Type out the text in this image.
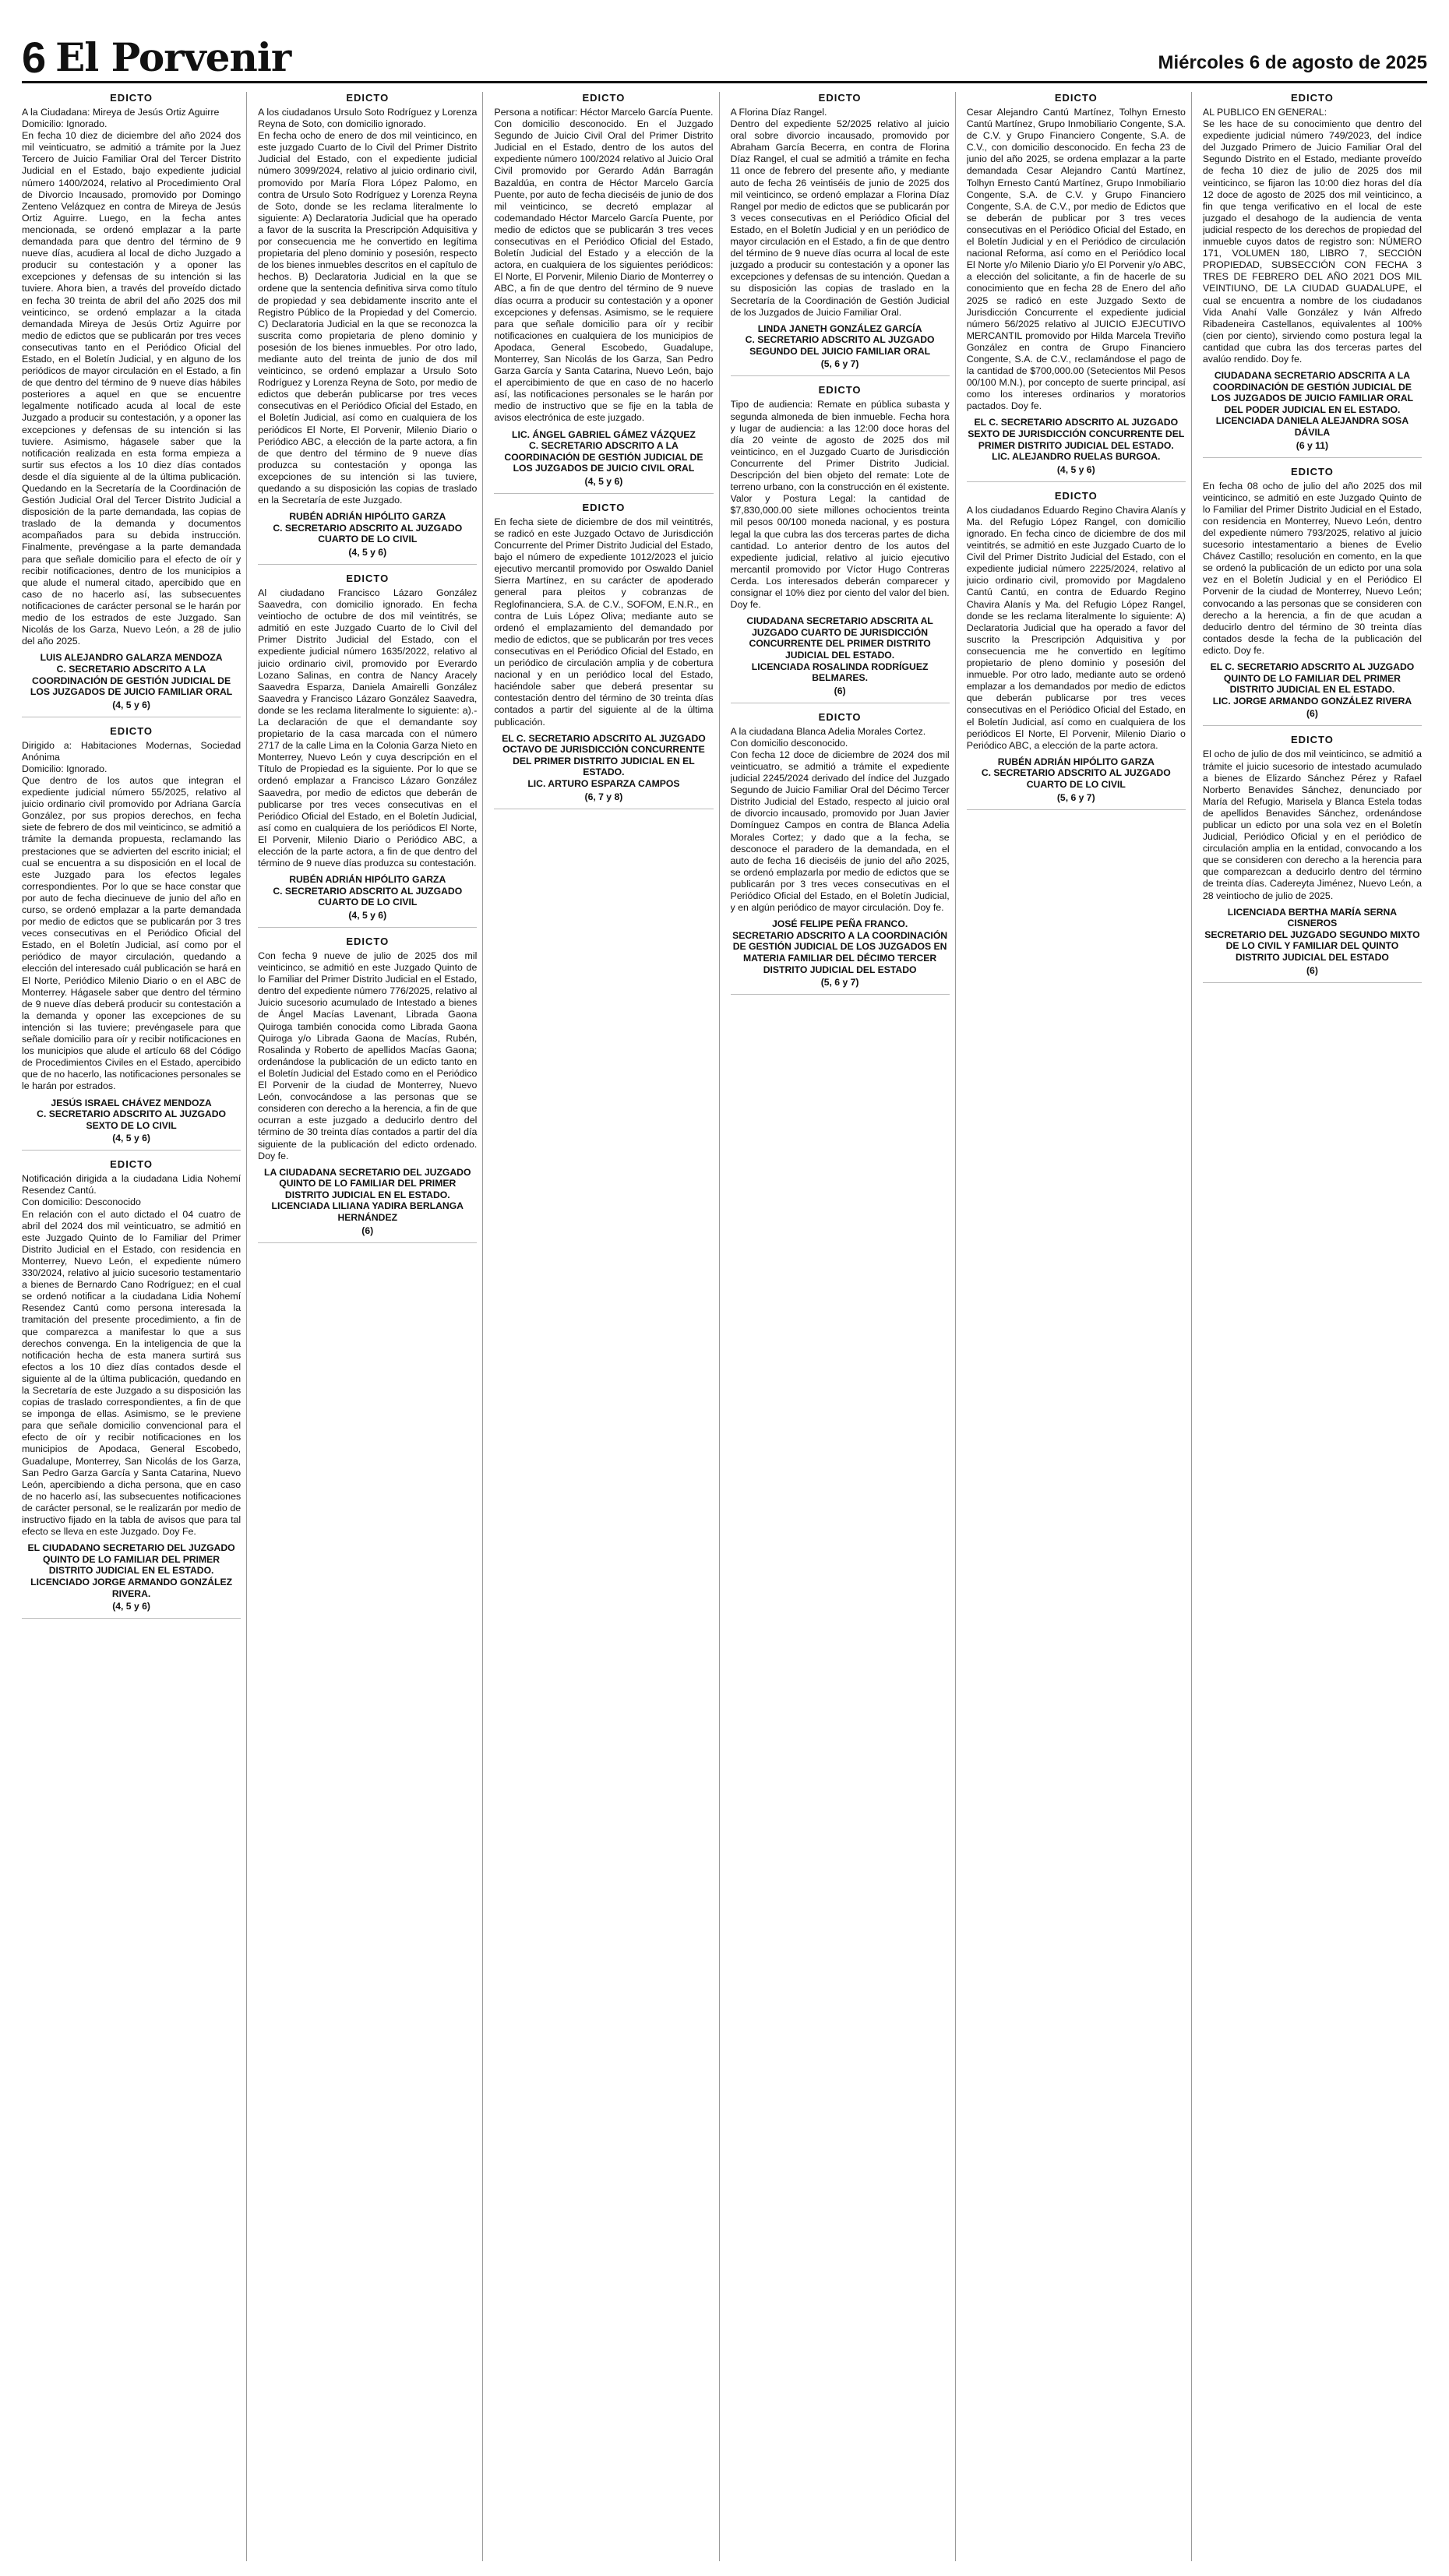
6 El Porvenir	Miércoles 6 de agosto de 2025

EDICTO

A la Ciudadana: Mireya de Jesús Ortiz Aguirre
Domicilio: Ignorado.
En fecha 10 diez de diciembre del año 2024 dos mil veinticuatro, se admitió a trámite por la Juez Tercero de Juicio Familiar Oral del Tercer Distrito Judicial en el Estado, bajo expediente judicial número 1400/2024, relativo al Procedimiento Oral de Divorcio Incausado, promovido por Domingo Zenteno Velázquez en contra de Mireya de Jesús Ortiz Aguirre. Luego, en la fecha antes mencionada, se ordenó emplazar a la parte demandada para que dentro del término de 9 nueve días, acudiera al local de dicho Juzgado a producir su contestación y a oponer las excepciones y defensas de su intención si las tuviere. Ahora bien, a través del proveído dictado en fecha 30 treinta de abril del año 2025 dos mil veinticinco, se ordenó emplazar a la citada demandada Mireya de Jesús Ortiz Aguirre por medio de edictos que se publicarán por tres veces consecutivas tanto en el Periódico Oficial del Estado, en el Boletín Judicial, y en alguno de los periódicos de mayor circulación en el Estado, a fin de que dentro del término de 9 nueve días hábiles posteriores a aquel en que se encuentre legalmente notificado acuda al local de este Juzgado a producir su contestación, y a oponer las excepciones y defensas de su intención si las tuviere. Asimismo, hágasele saber que la notificación realizada en esta forma empieza a surtir sus efectos a los 10 diez días contados desde el día siguiente al de la última publicación. Quedando en la Secretaría de la Coordinación de Gestión Judicial Oral del Tercer Distrito Judicial a disposición de la parte demandada, las copias de traslado de la demanda y documentos acompañados para su debida instrucción. Finalmente, prevéngase a la parte demandada para que señale domicilio para el efecto de oír y recibir notificaciones, dentro de los municipios a que alude el numeral citado, apercibido que en caso de no hacerlo así, las subsecuentes notificaciones de carácter personal se le harán por medio de los estrados de este Juzgado. San Nicolás de los Garza, Nuevo León, a 28 de julio del año 2025.

LUIS ALEJANDRO GALARZA MENDOZA
C. SECRETARIO ADSCRITO A LA COORDINACIÓN DE GESTIÓN JUDICIAL DE LOS JUZGADOS DE JUICIO FAMILIAR ORAL

(4, 5 y 6)

EDICTO

Dirigido a: Habitaciones Modernas, Sociedad Anónima
Domicilio: Ignorado.
Que dentro de los autos que integran el expediente judicial número 55/2025, relativo al juicio ordinario civil promovido por Adriana García González, por sus propios derechos, en fecha siete de febrero de dos mil veinticinco, se admitió a trámite la demanda propuesta, reclamando las prestaciones que se advierten del escrito inicial; el cual se encuentra a su disposición en el local de este Juzgado para los efectos legales correspondientes. Por lo que se hace constar que por auto de fecha diecinueve de junio del año en curso, se ordenó emplazar a la parte demandada por medio de edictos que se publicarán por 3 tres veces consecutivas en el Periódico Oficial del Estado, en el Boletín Judicial, así como por el periódico de mayor circulación, quedando a elección del interesado cuál publicación se hará en El Norte, Periódico Milenio Diario o en el ABC de Monterrey. Hágasele saber que dentro del término de 9 nueve días deberá producir su contestación a la demanda y oponer las excepciones de su intención si las tuviere; prevéngasele para que señale domicilio para oír y recibir notificaciones en los municipios que alude el artículo 68 del Código de Procedimientos Civiles en el Estado, apercibido que de no hacerlo, las notificaciones personales se le harán por estrados.

JESÚS ISRAEL CHÁVEZ MENDOZA
C. SECRETARIO ADSCRITO AL JUZGADO SEXTO DE LO CIVIL

(4, 5 y 6)

EDICTO

Notificación dirigida a la ciudadana Lidia Nohemí Resendez Cantú.
Con domicilio: Desconocido
En relación con el auto dictado el 04 cuatro de abril del 2024 dos mil veinticuatro, se admitió en este Juzgado Quinto de lo Familiar del Primer Distrito Judicial en el Estado, con residencia en Monterrey, Nuevo León, el expediente número 330/2024, relativo al juicio sucesorio testamentario a bienes de Bernardo Cano Rodríguez; en el cual se ordenó notificar a la ciudadana Lidia Nohemí Resendez Cantú como persona interesada la tramitación del presente procedimiento, a fin de que comparezca a manifestar lo que a sus derechos convenga. En la inteligencia de que la notificación hecha de esta manera surtirá sus efectos a los 10 diez días contados desde el siguiente al de la última publicación, quedando en la Secretaría de este Juzgado a su disposición las copias de traslado correspondientes, a fin de que se imponga de ellas. Asimismo, se le previene para que señale domicilio convencional para el efecto de oír y recibir notificaciones en los municipios de Apodaca, General Escobedo, Guadalupe, Monterrey, San Nicolás de los Garza, San Pedro Garza García y Santa Catarina, Nuevo León, apercibiendo a dicha persona, que en caso de no hacerlo así, las subsecuentes notificaciones de carácter personal, se le realizarán por medio de instructivo fijado en la tabla de avisos que para tal efecto se lleva en este Juzgado. Doy Fe.

EL CIUDADANO SECRETARIO DEL JUZGADO QUINTO DE LO FAMILIAR DEL PRIMER DISTRITO JUDICIAL EN EL ESTADO.
LICENCIADO JORGE ARMANDO GONZÁLEZ RIVERA.

(4, 5 y 6)

EDICTO

A los ciudadanos Ursulo Soto Rodríguez y Lorenza Reyna de Soto, con domicilio ignorado.
En fecha ocho de enero de dos mil veinticinco, en este juzgado Cuarto de lo Civil del Primer Distrito Judicial del Estado, con el expediente judicial número 3099/2024, relativo al juicio ordinario civil, promovido por María Flora López Palomo, en contra de Ursulo Soto Rodríguez y Lorenza Reyna de Soto, donde se les reclama literalmente lo siguiente: A) Declaratoria Judicial que ha operado a favor de la suscrita la Prescripción Adquisitiva y por consecuencia me he convertido en legítima propietaria del pleno dominio y posesión, respecto de los bienes inmuebles descritos en el capítulo de hechos. B) Declaratoria Judicial en la que se ordene que la sentencia definitiva sirva como título de propiedad y sea debidamente inscrito ante el Registro Público de la Propiedad y del Comercio. C) Declaratoria Judicial en la que se reconozca la suscrita como propietaria de pleno dominio y posesión de los bienes inmuebles. Por otro lado, mediante auto del treinta de junio de dos mil veinticinco, se ordenó emplazar a Ursulo Soto Rodríguez y Lorenza Reyna de Soto, por medio de edictos que deberán publicarse por tres veces consecutivas en el Periódico Oficial del Estado, en el Boletín Judicial, así como en cualquiera de los periódicos El Norte, El Porvenir, Milenio Diario o Periódico ABC, a elección de la parte actora, a fin de que dentro del término de 9 nueve días produzca su contestación y oponga las excepciones de su intención si las tuviere, quedando a su disposición las copias de traslado en la Secretaría de este Juzgado.

RUBÉN ADRIÁN HIPÓLITO GARZA
C. SECRETARIO ADSCRITO AL JUZGADO CUARTO DE LO CIVIL

(4, 5 y 6)

EDICTO

Al ciudadano Francisco Lázaro González Saavedra, con domicilio ignorado. En fecha veintiocho de octubre de dos mil veintitrés, se admitió en este Juzgado Cuarto de lo Civil del Primer Distrito Judicial del Estado, con el expediente judicial número 1635/2022, relativo al juicio ordinario civil, promovido por Everardo Lozano Salinas, en contra de Nancy Aracely Saavedra Esparza, Daniela Amairelli González Saavedra y Francisco Lázaro González Saavedra, donde se les reclama literalmente lo siguiente: a).- La declaración de que el demandante soy propietario de la casa marcada con el número 2717 de la calle Lima en la Colonia Garza Nieto en Monterrey, Nuevo León y cuya descripción en el Título de Propiedad es la siguiente. Por lo que se ordenó emplazar a Francisco Lázaro González Saavedra, por medio de edictos que deberán de publicarse por tres veces consecutivas en el Periódico Oficial del Estado, en el Boletín Judicial, así como en cualquiera de los periódicos El Norte, El Porvenir, Milenio Diario o Periódico ABC, a elección de la parte actora, a fin de que dentro del término de 9 nueve días produzca su contestación.

RUBÉN ADRIÁN HIPÓLITO GARZA
C. SECRETARIO ADSCRITO AL JUZGADO CUARTO DE LO CIVIL

(4, 5 y 6)

EDICTO

Con fecha 9 nueve de julio de 2025 dos mil veinticinco, se admitió en este Juzgado Quinto de lo Familiar del Primer Distrito Judicial en el Estado, dentro del expediente número 776/2025, relativo al Juicio sucesorio acumulado de Intestado a bienes de Ángel Macías Lavenant, Librada Gaona Quiroga también conocida como Librada Gaona Quiroga y/o Librada Gaona de Macías, Rubén, Rosalinda y Roberto de apellidos Macías Gaona; ordenándose la publicación de un edicto tanto en el Boletín Judicial del Estado como en el Periódico El Porvenir de la ciudad de Monterrey, Nuevo León, convocándose a las personas que se consideren con derecho a la herencia, a fin de que ocurran a este juzgado a deducirlo dentro del término de 30 treinta días contados a partir del día siguiente de la publicación del edicto ordenado. Doy fe.

LA CIUDADANA SECRETARIO DEL JUZGADO QUINTO DE LO FAMILIAR DEL PRIMER DISTRITO JUDICIAL EN EL ESTADO.
LICENCIADA LILIANA YADIRA BERLANGA HERNÁNDEZ

(6)

EDICTO

Persona a notificar: Héctor Marcelo García Puente. Con domicilio desconocido. En el Juzgado Segundo de Juicio Civil Oral del Primer Distrito Judicial en el Estado, dentro de los autos del expediente número 100/2024 relativo al Juicio Oral Civil promovido por Gerardo Adán Barragán Bazaldúa, en contra de Héctor Marcelo García Puente, por auto de fecha dieciséis de junio de dos mil veinticinco, se decretó emplazar al codemandado Héctor Marcelo García Puente, por medio de edictos que se publicarán 3 tres veces consecutivas en el Periódico Oficial del Estado, Boletín Judicial del Estado y a elección de la actora, en cualquiera de los siguientes periódicos: El Norte, El Porvenir, Milenio Diario de Monterrey o ABC, a fin de que dentro del término de 9 nueve días ocurra a producir su contestación y a oponer excepciones y defensas. Asimismo, se le requiere para que señale domicilio para oír y recibir notificaciones en cualquiera de los municipios de Apodaca, General Escobedo, Guadalupe, Monterrey, San Nicolás de los Garza, San Pedro Garza García y Santa Catarina, Nuevo León, bajo el apercibimiento de que en caso de no hacerlo así, las notificaciones personales se le harán por medio de instructivo que se fije en la tabla de avisos electrónica de este juzgado.

LIC. ÁNGEL GABRIEL GÁMEZ VÁZQUEZ
C. SECRETARIO ADSCRITO A LA COORDINACIÓN DE GESTIÓN JUDICIAL DE LOS JUZGADOS DE JUICIO CIVIL ORAL

(4, 5 y 6)

EDICTO

En fecha siete de diciembre de dos mil veintitrés, se radicó en este Juzgado Octavo de Jurisdicción Concurrente del Primer Distrito Judicial del Estado, bajo el número de expediente 1012/2023 el juicio ejecutivo mercantil promovido por Oswaldo Daniel Sierra Martínez, en su carácter de apoderado general para pleitos y cobranzas de Reglofinanciera, S.A. de C.V., SOFOM, E.N.R., en contra de Luis López Oliva; mediante auto se ordenó el emplazamiento del demandado por medio de edictos, que se publicarán por tres veces consecutivas en el Periódico Oficial del Estado, en un periódico de circulación amplia y de cobertura nacional y en un periódico local del Estado, haciéndole saber que deberá presentar su contestación dentro del término de 30 treinta días contados a partir del siguiente al de la última publicación.

EL C. SECRETARIO ADSCRITO AL JUZGADO OCTAVO DE JURISDICCIÓN CONCURRENTE DEL PRIMER DISTRITO JUDICIAL EN EL ESTADO.
LIC. ARTURO ESPARZA CAMPOS

(6, 7 y 8)

EDICTO

A Florina Díaz Rangel.
Dentro del expediente 52/2025 relativo al juicio oral sobre divorcio incausado, promovido por Abraham García Becerra, en contra de Florina Díaz Rangel, el cual se admitió a trámite en fecha 11 once de febrero del presente año, y mediante auto de fecha 26 veintiséis de junio de 2025 dos mil veinticinco, se ordenó emplazar a Florina Díaz Rangel por medio de edictos que se publicarán por 3 veces consecutivas en el Periódico Oficial del Estado, en el Boletín Judicial y en un periódico de mayor circulación en el Estado, a fin de que dentro del término de 9 nueve días ocurra al local de este juzgado a producir su contestación y a oponer las excepciones y defensas de su intención. Quedan a su disposición las copias de traslado en la Secretaría de la Coordinación de Gestión Judicial de los Juzgados de Juicio Familiar Oral.

LINDA JANETH GONZÁLEZ GARCÍA
C. SECRETARIO ADSCRITO AL JUZGADO SEGUNDO DEL JUICIO FAMILIAR ORAL

(5, 6 y 7)

EDICTO

Tipo de audiencia: Remate en pública subasta y segunda almoneda de bien inmueble. Fecha hora y lugar de audiencia: a las 12:00 doce horas del día 20 veinte de agosto de 2025 dos mil veinticinco, en el Juzgado Cuarto de Jurisdicción Concurrente del Primer Distrito Judicial. Descripción del bien objeto del remate: Lote de terreno urbano, con la construcción en él existente. Valor y Postura Legal: la cantidad de $7,830,000.00 siete millones ochocientos treinta mil pesos 00/100 moneda nacional, y es postura legal la que cubra las dos terceras partes de dicha cantidad. Lo anterior dentro de los autos del expediente judicial, relativo al juicio ejecutivo mercantil promovido por Víctor Hugo Contreras Cerda. Los interesados deberán comparecer y consignar el 10% diez por ciento del valor del bien. Doy fe.

CIUDADANA SECRETARIO ADSCRITA AL JUZGADO CUARTO DE JURISDICCIÓN CONCURRENTE DEL PRIMER DISTRITO JUDICIAL DEL ESTADO.
LICENCIADA ROSALINDA RODRÍGUEZ BELMARES.

(6)

EDICTO

A la ciudadana Blanca Adelia Morales Cortez.
Con domicilio desconocido.
Con fecha 12 doce de diciembre de 2024 dos mil veinticuatro, se admitió a trámite el expediente judicial 2245/2024 derivado del índice del Juzgado Segundo de Juicio Familiar Oral del Décimo Tercer Distrito Judicial del Estado, respecto al juicio oral de divorcio incausado, promovido por Juan Javier Domínguez Campos en contra de Blanca Adelia Morales Cortez; y dado que a la fecha, se desconoce el paradero de la demandada, en el auto de fecha 16 dieciséis de junio del año 2025, se ordenó emplazarla por medio de edictos que se publicarán por 3 tres veces consecutivas en el Periódico Oficial del Estado, en el Boletín Judicial, y en algún periódico de mayor circulación. Doy fe.

JOSÉ FELIPE PEÑA FRANCO.
SECRETARIO ADSCRITO A LA COORDINACIÓN DE GESTIÓN JUDICIAL DE LOS JUZGADOS EN MATERIA FAMILIAR DEL DÉCIMO TERCER DISTRITO JUDICIAL DEL ESTADO

(5, 6 y 7)

EDICTO

Cesar Alejandro Cantú Martínez, Tolhyn Ernesto Cantú Martínez, Grupo Inmobiliario Congente, S.A. de C.V. y Grupo Financiero Congente, S.A. de C.V., con domicilio desconocido. En fecha 23 de junio del año 2025, se ordena emplazar a la parte demandada Cesar Alejandro Cantú Martínez, Tolhyn Ernesto Cantú Martínez, Grupo Inmobiliario Congente, S.A. de C.V. y Grupo Financiero Congente, S.A. de C.V., por medio de Edictos que se deberán de publicar por 3 tres veces consecutivas en el Periódico Oficial del Estado, en el Boletín Judicial y en el Periódico de circulación nacional Reforma, así como en el Periódico local El Norte y/o Milenio Diario y/o El Porvenir y/o ABC, a elección del solicitante, a fin de hacerle de su conocimiento que en fecha 28 de Enero del año 2025 se radicó en este Juzgado Sexto de Jurisdicción Concurrente el expediente judicial número 56/2025 relativo al JUICIO EJECUTIVO MERCANTIL promovido por Hilda Marcela Treviño González en contra de Grupo Financiero Congente, S.A. de C.V., reclamándose el pago de la cantidad de $700,000.00 (Setecientos Mil Pesos 00/100 M.N.), por concepto de suerte principal, así como los intereses ordinarios y moratorios pactados. Doy fe.

EL C. SECRETARIO ADSCRITO AL JUZGADO SEXTO DE JURISDICCIÓN CONCURRENTE DEL PRIMER DISTRITO JUDICIAL DEL ESTADO.
LIC. ALEJANDRO RUELAS BURGOA.

(4, 5 y 6)

EDICTO

A los ciudadanos Eduardo Regino Chavira Alanís y Ma. del Refugio López Rangel, con domicilio ignorado. En fecha cinco de diciembre de dos mil veintitrés, se admitió en este Juzgado Cuarto de lo Civil del Primer Distrito Judicial del Estado, con el expediente judicial número 2225/2024, relativo al juicio ordinario civil, promovido por Magdaleno Cantú Cantú, en contra de Eduardo Regino Chavira Alanís y Ma. del Refugio López Rangel, donde se les reclama literalmente lo siguiente: A) Declaratoria Judicial que ha operado a favor del suscrito la Prescripción Adquisitiva y por consecuencia me he convertido en legítimo propietario de pleno dominio y posesión del inmueble. Por otro lado, mediante auto se ordenó emplazar a los demandados por medio de edictos que deberán publicarse por tres veces consecutivas en el Periódico Oficial del Estado, en el Boletín Judicial, así como en cualquiera de los periódicos El Norte, El Porvenir, Milenio Diario o Periódico ABC, a elección de la parte actora.

RUBÉN ADRIÁN HIPÓLITO GARZA
C. SECRETARIO ADSCRITO AL JUZGADO CUARTO DE LO CIVIL

(5, 6 y 7)

EDICTO

AL PUBLICO EN GENERAL:
Se les hace de su conocimiento que dentro del expediente judicial número 749/2023, del índice del Juzgado Primero de Juicio Familiar Oral del Segundo Distrito en el Estado, mediante proveído de fecha 10 diez de julio de 2025 dos mil veinticinco, se fijaron las 10:00 diez horas del día 12 doce de agosto de 2025 dos mil veinticinco, a fin que tenga verificativo en el local de este juzgado el desahogo de la audiencia de venta judicial respecto de los derechos de propiedad del inmueble cuyos datos de registro son: NÚMERO 171, VOLUMEN 180, LIBRO 7, SECCIÓN PROPIEDAD, SUBSECCIÓN CON FECHA 3 TRES DE FEBRERO DEL AÑO 2021 DOS MIL VEINTIUNO, DE LA CIUDAD GUADALUPE, el cual se encuentra a nombre de los ciudadanos Vida Anahí Valle González y Iván Alfredo Ribadeneira Castellanos, equivalentes al 100% (cien por ciento), sirviendo como postura legal la cantidad que cubra las dos terceras partes del avalúo rendido. Doy fe.

CIUDADANA SECRETARIO ADSCRITA A LA COORDINACIÓN DE GESTIÓN JUDICIAL DE LOS JUZGADOS DE JUICIO FAMILIAR ORAL DEL PODER JUDICIAL EN EL ESTADO.
LICENCIADA DANIELA ALEJANDRA SOSA DÁVILA

(6 y 11)

EDICTO

En fecha 08 ocho de julio del año 2025 dos mil veinticinco, se admitió en este Juzgado Quinto de lo Familiar del Primer Distrito Judicial en el Estado, con residencia en Monterrey, Nuevo León, dentro del expediente número 793/2025, relativo al juicio sucesorio intestamentario a bienes de Evelio Chávez Castillo; resolución en comento, en la que se ordenó la publicación de un edicto por una sola vez en el Boletín Judicial y en el Periódico El Porvenir de la ciudad de Monterrey, Nuevo León; convocando a las personas que se consideren con derecho a la herencia, a fin de que acudan a deducirlo dentro del término de 30 treinta días contados desde la fecha de la publicación del edicto. Doy fe.

EL C. SECRETARIO ADSCRITO AL JUZGADO QUINTO DE LO FAMILIAR DEL PRIMER DISTRITO JUDICIAL EN EL ESTADO.
LIC. JORGE ARMANDO GONZÁLEZ RIVERA

(6)

EDICTO

El ocho de julio de dos mil veinticinco, se admitió a trámite el juicio sucesorio de intestado acumulado a bienes de Elizardo Sánchez Pérez y Rafael Norberto Benavides Sánchez, denunciado por María del Refugio, Marisela y Blanca Estela todas de apellidos Benavides Sánchez, ordenándose publicar un edicto por una sola vez en el Boletín Judicial, Periódico Oficial y en el periódico de circulación amplia en la entidad, convocando a los que se consideren con derecho a la herencia para que comparezcan a deducirlo dentro del término de treinta días. Cadereyta Jiménez, Nuevo León, a 28 veintiocho de julio de 2025.

LICENCIADA BERTHA MARÍA SERNA CISNEROS
SECRETARIO DEL JUZGADO SEGUNDO MIXTO DE LO CIVIL Y FAMILIAR DEL QUINTO DISTRITO JUDICIAL DEL ESTADO

(6)
